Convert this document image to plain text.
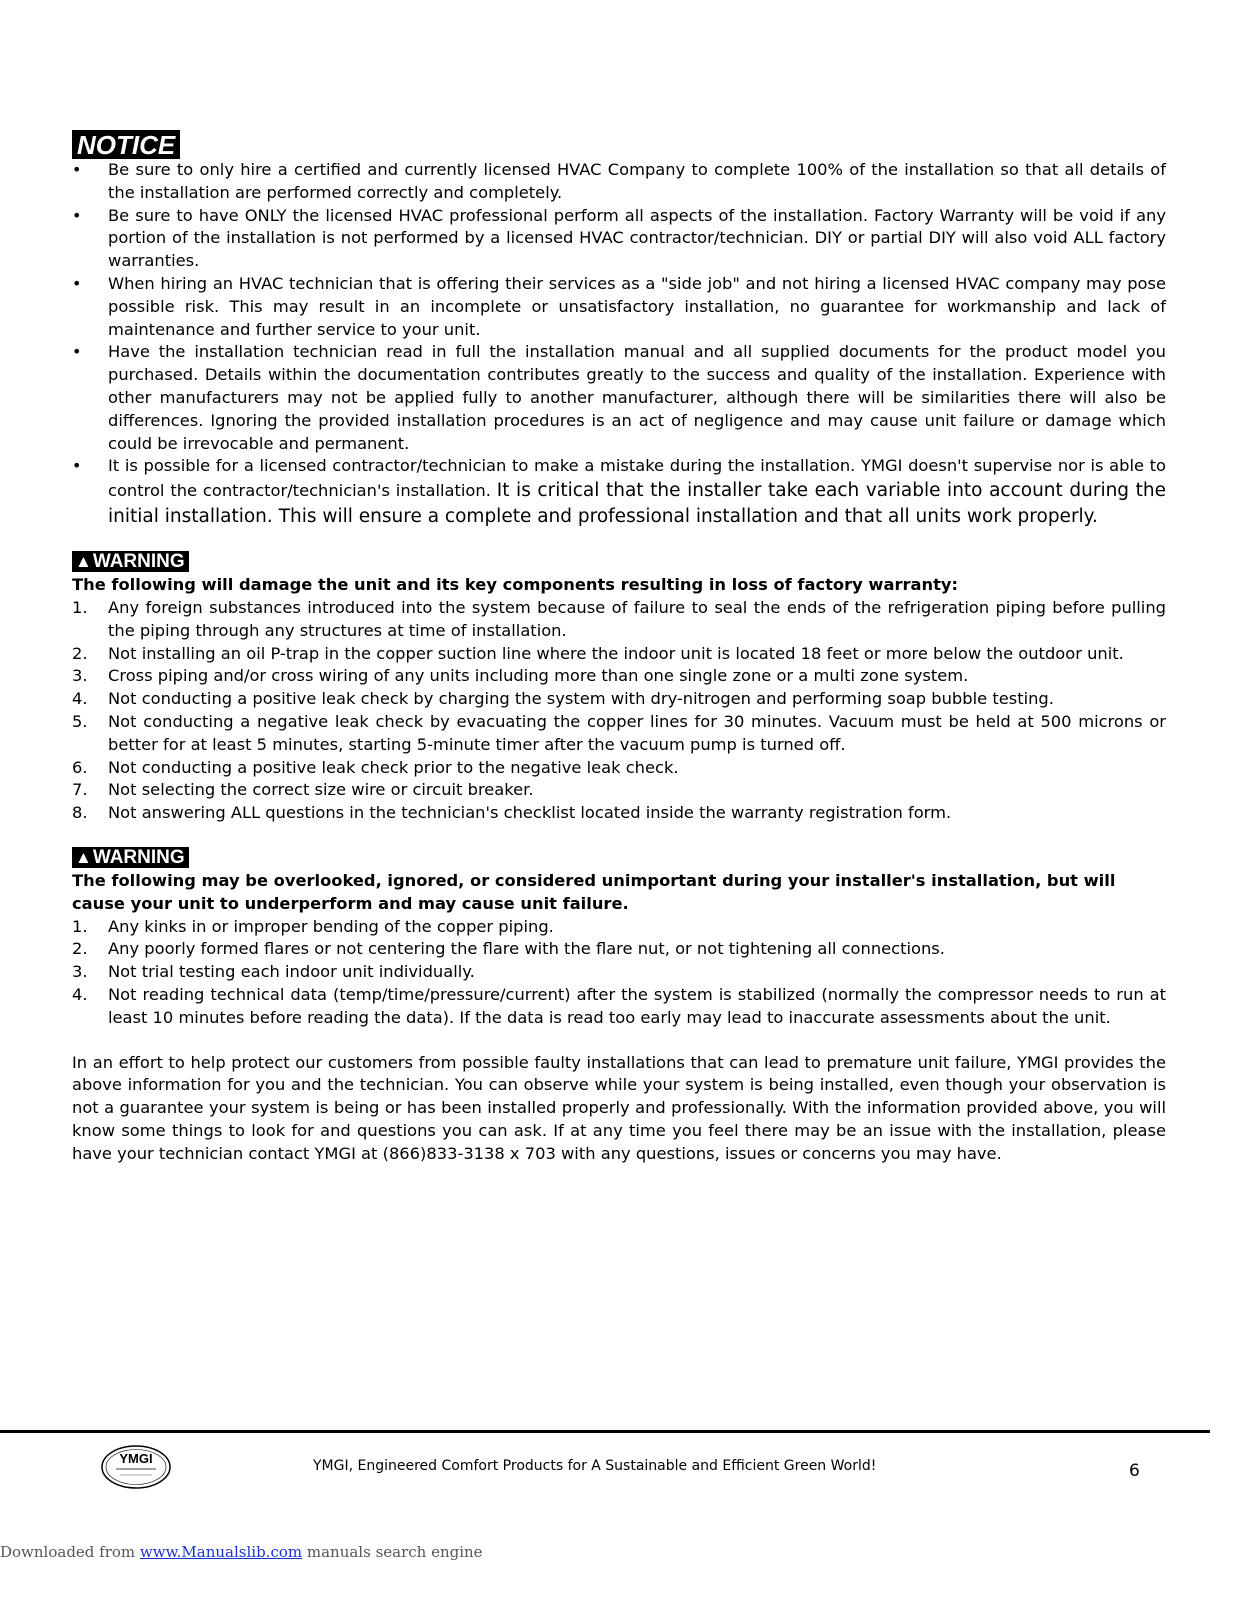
NOTICE
• Be sure to only hire a certified and currently licensed HVAC Company to complete 100% of the installation so that all details of the installation are performed correctly and completely.
• Be sure to have ONLY the licensed HVAC professional perform all aspects of the installation. Factory Warranty will be void if any portion of the installation is not performed by a licensed HVAC contractor/technician. DIY or partial DIY will also void ALL factory warranties.
• When hiring an HVAC technician that is offering their services as a "side job" and not hiring a licensed HVAC company may pose possible risk. This may result in an incomplete or unsatisfactory installation, no guarantee for workmanship and lack of maintenance and further service to your unit.
• Have the installation technician read in full the installation manual and all supplied documents for the product model you purchased. Details within the documentation contributes greatly to the success and quality of the installation. Experience with other manufacturers may not be applied fully to another manufacturer, although there will be similarities there will also be differences. Ignoring the provided installation procedures is an act of negligence and may cause unit failure or damage which could be irrevocable and permanent.
• It is possible for a licensed contractor/technician to make a mistake during the installation. YMGI doesn't supervise nor is able to control the contractor/technician's installation. It is critical that the installer take each variable into account during the initial installation. This will ensure a complete and professional installation and that all units work properly.
▲WARNING

The following will damage the unit and its key components resulting in loss of factory warranty:

1. Any foreign substances introduced into the system because of failure to seal the ends of the refrigeration piping before pulling the piping through any structures at time of installation.
2. Not installing an oil P-trap in the copper suction line where the indoor unit is located 18 feet or more below the outdoor unit.
3. Cross piping and/or cross wiring of any units including more than one single zone or a multi zone system.
4. Not conducting a positive leak check by charging the system with dry-nitrogen and performing soap bubble testing.
5. Not conducting a negative leak check by evacuating the copper lines for 30 minutes. Vacuum must be held at 500 microns or better for at least 5 minutes, starting 5-minute timer after the vacuum pump is turned off.
6. Not conducting a positive leak check prior to the negative leak check.
7. Not selecting the correct size wire or circuit breaker.
8. Not answering ALL questions in the technician's checklist located inside the warranty registration form.
▲WARNING

The following may be overlooked, ignored, or considered unimportant during your installer's installation, but will cause your unit to underperform and may cause unit failure.

1. Any kinks in or improper bending of the copper piping.
2. Any poorly formed flares or not centering the flare with the flare nut, or not tightening all connections.
3. Not trial testing each indoor unit individually.
4. Not reading technical data (temp/time/pressure/current) after the system is stabilized (normally the compressor needs to run at least 10 minutes before reading the data). If the data is read too early may lead to inaccurate assessments about the unit.

In an effort to help protect our customers from possible faulty installations that can lead to premature unit failure, YMGI provides the above information for you and the technician. You can observe while your system is being installed, even though your observation is not a guarantee your system is being or has been installed properly and professionally. With the information provided above, you will know some things to look for and questions you can ask. If at any time you feel there may be an issue with the installation, please have your technician contact YMGI at (866)833-3138 x 703 with any questions, issues or concerns you may have.

YMGI	YMGI, Engineered Comfort Products for A Sustainable and Efficient Green World!	6
Downloaded from www.Manualslib.com manuals search engine
